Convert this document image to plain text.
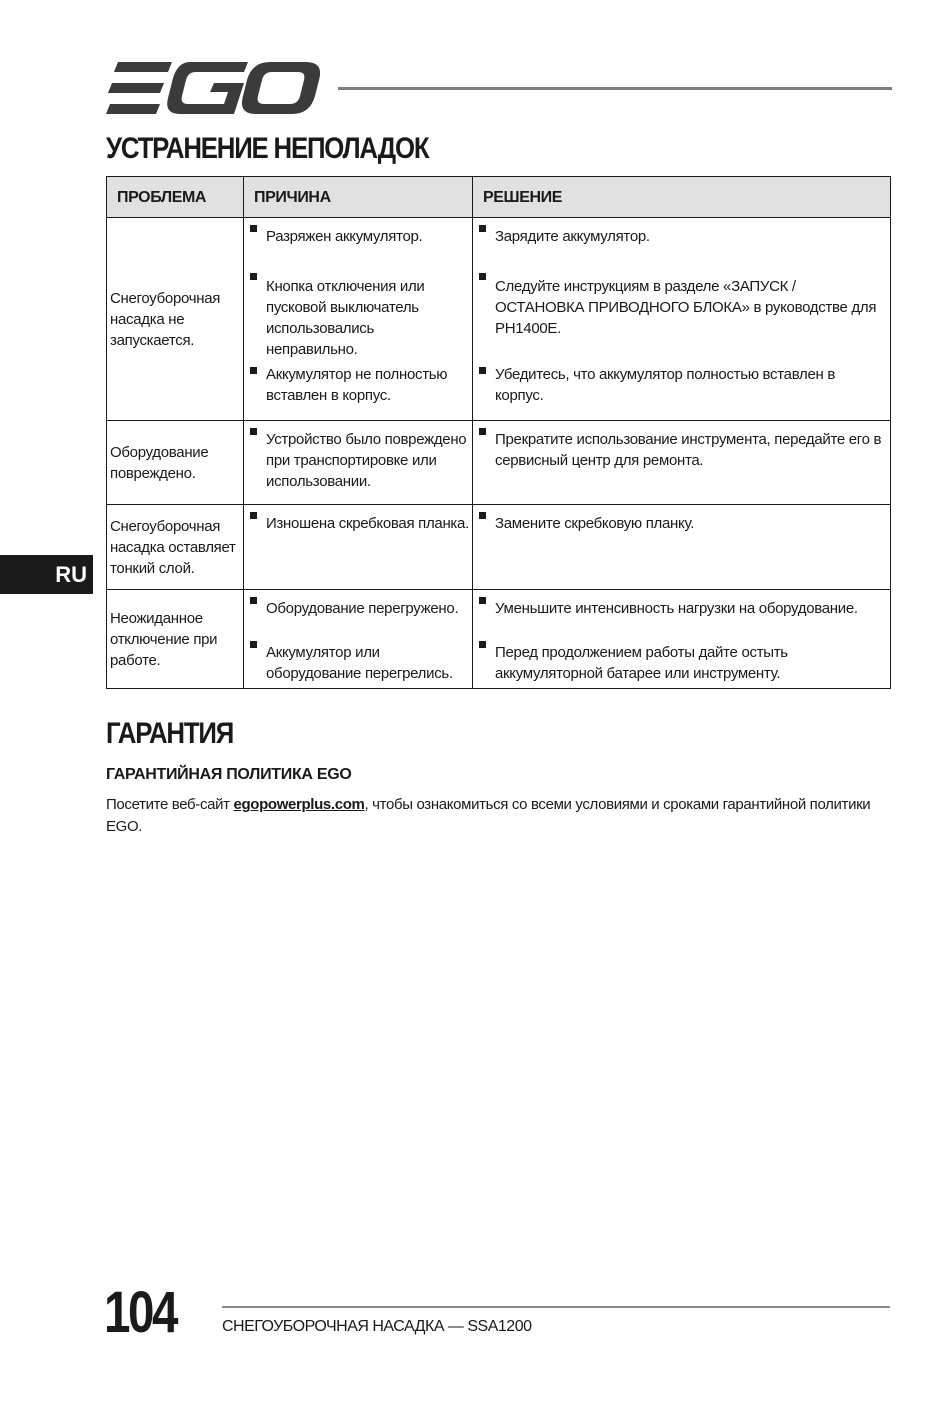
УСТРАНЕНИЕ НЕПОЛАДОК
ПРОБЛЕМА	ПРИЧИНА	РЕШЕНИЕ
Снегоуборочная насадка не запускается.	Разряжен аккумулятор.	Зарядите аккумулятор.

	Кнопка отключения или пусковой выключатель использовались неправильно.	Следуйте инструкциям в разделе «ЗАПУСК / ОСТАНОВКА ПРИВОДНОГО БЛОКА» в руководстве для PH1400E.

	Аккумулятор не полностью вставлен в корпус.	Убедитесь, что аккумулятор полностью вставлен в корпус.

Оборудование повреждено.	Устройство было повреждено при транспортировке или использовании.	Прекратите использование инструмента, передайте его в сервисный центр для ремонта.

Снегоуборочная насадка оставляет тонкий слой.	Изношена скребковая планка.	Замените скребковую планку.

Неожиданное отключение при работе.	Оборудование перегружено.	Уменьшите интенсивность нагрузки на оборудование.

	Аккумулятор или оборудование перегрелись.	Перед продолжением работы дайте остыть аккумуляторной батарее или инструменту.
RU
ГАРАНТИЯ
ГАРАНТИЙНАЯ ПОЛИТИКА EGO

Посетите веб-сайт egopowerplus.com, чтобы ознакомиться со всеми условиями и сроками гарантийной политики EGO.

104	СНЕГОУБОРОЧНАЯ НАСАДКА — SSA1200
